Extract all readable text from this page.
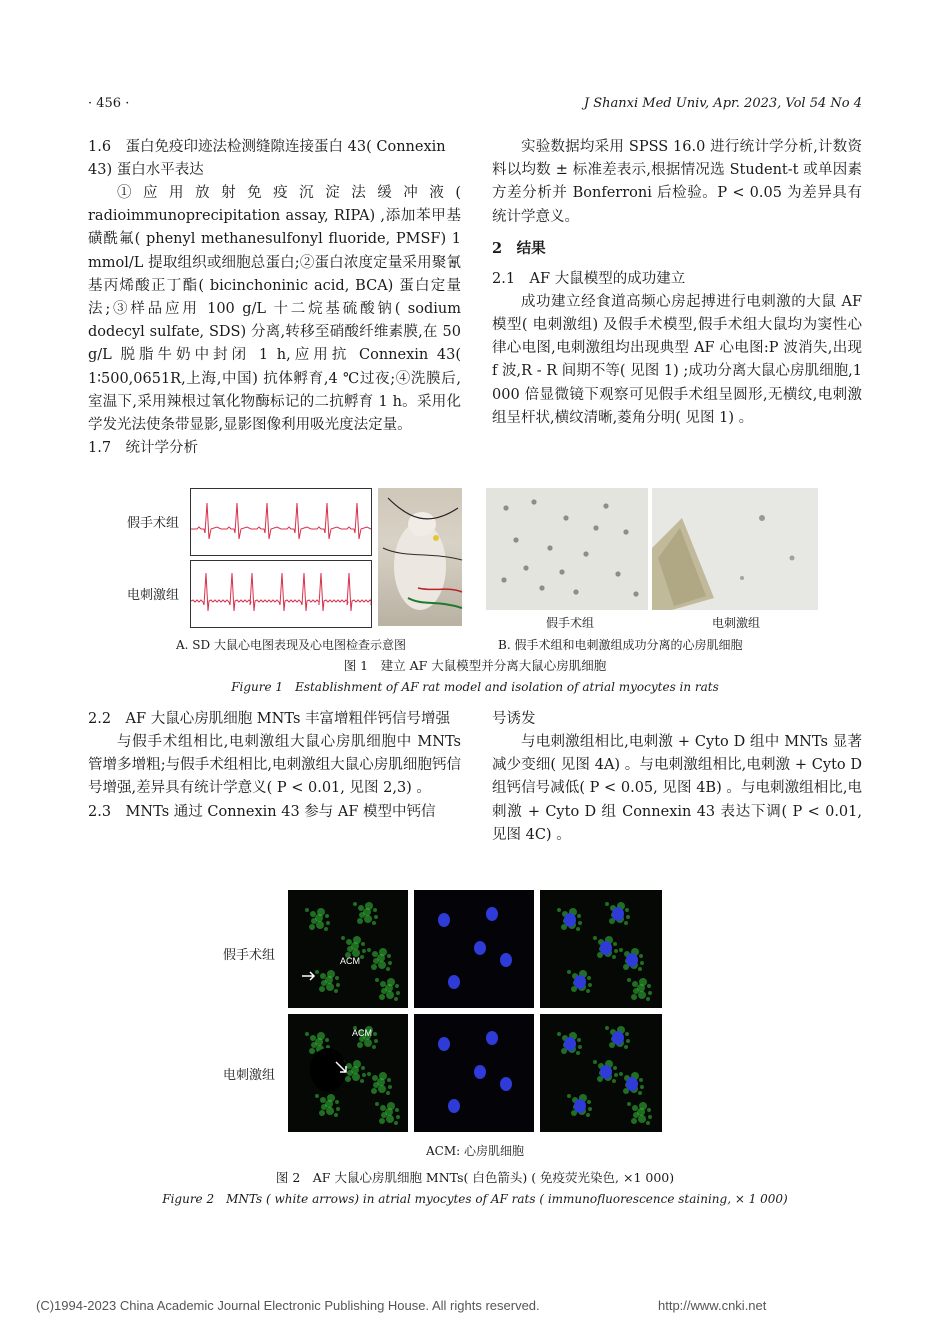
· 456 ·	J Shanxi Med Univ, Apr. 2023, Vol 54 No 4
1.6　蛋白免疫印迹法检测缝隙连接蛋白 43( Connexin 43) 蛋白水平表达
①应用放射免疫沉淀法缓冲液( radioimmunoprecipitation assay, RIPA) ,添加苯甲基磺酰氟( phenyl methanesulfonyl fluoride, PMSF) 1 mmol/L 提取组织或细胞总蛋白;②蛋白浓度定量采用聚氰基丙烯酸正丁酯( bicinchoninic acid, BCA) 蛋白定量法;③样品应用 100 g/L 十二烷基硫酸钠( sodium dodecyl sulfate, SDS) 分离,转移至硝酸纤维素膜,在 50 g/L 脱脂牛奶中封闭 1 h,应用抗 Connexin 43( 1∶500,0651R,上海,中国) 抗体孵育,4 ℃过夜;④洗膜后,室温下,采用辣根过氧化物酶标记的二抗孵育 1 h。采用化学发光法使条带显影,显影图像利用吸光度法定量。
1.7　统计学分析
实验数据均采用 SPSS 16.0 进行统计学分析,计数资料以均数 ± 标准差表示,根据情况选 Student-t 或单因素方差分析并 Bonferroni 后检验。P < 0.05 为差异具有统计学意义。
2　结果
2.1　AF 大鼠模型的成功建立
成功建立经食道高频心房起搏进行电刺激的大鼠 AF 模型( 电刺激组) 及假手术模型,假手术组大鼠均为窦性心律心电图,电刺激组均出现典型 AF 心电图:P 波消失,出现 f 波,R - R 间期不等( 见图 1) ;成功分离大鼠心房肌细胞,1 000 倍显微镜下观察可见假手术组呈圆形,无横纹,电刺激组呈杆状,横纹清晰,菱角分明( 见图 1) 。
假手术组
电刺激组
假手术组	电刺激组
A. SD 大鼠心电图表现及心电图检查示意图	B. 假手术组和电刺激组成功分离的心房肌细胞
图 1　建立 AF 大鼠模型并分离大鼠心房肌细胞
Figure 1　Establishment of AF rat model and isolation of atrial myocytes in rats
2.2　AF 大鼠心房肌细胞 MNTs 丰富增粗伴钙信号增强
与假手术组相比,电刺激组大鼠心房肌细胞中 MNTs 管增多增粗;与假手术组相比,电刺激组大鼠心房肌细胞钙信号增强,差异具有统计学意义( P < 0.01, 见图 2,3) 。
2.3　MNTs 通过 Connexin 43 参与 AF 模型中钙信
号诱发
与电刺激组相比,电刺激 + Cyto D 组中 MNTs 显著减少变细( 见图 4A) 。与电刺激组相比,电刺激 + Cyto D 组钙信号减低( P < 0.05, 见图 4B) 。与电刺激组相比,电刺激 + Cyto D 组 Connexin 43 表达下调( P < 0.01, 见图 4C) 。
假手术组
电刺激组
ACM
ACM
ACM: 心房肌细胞
图 2　AF 大鼠心房肌细胞 MNTs( 白色箭头) ( 免疫荧光染色, ×1 000)
Figure 2　MNTs ( white arrows) in atrial myocytes of AF rats ( immunofluorescence staining, × 1 000)
(C)1994-2023 China Academic Journal Electronic Publishing House. All rights reserved.	http://www.cnki.net
